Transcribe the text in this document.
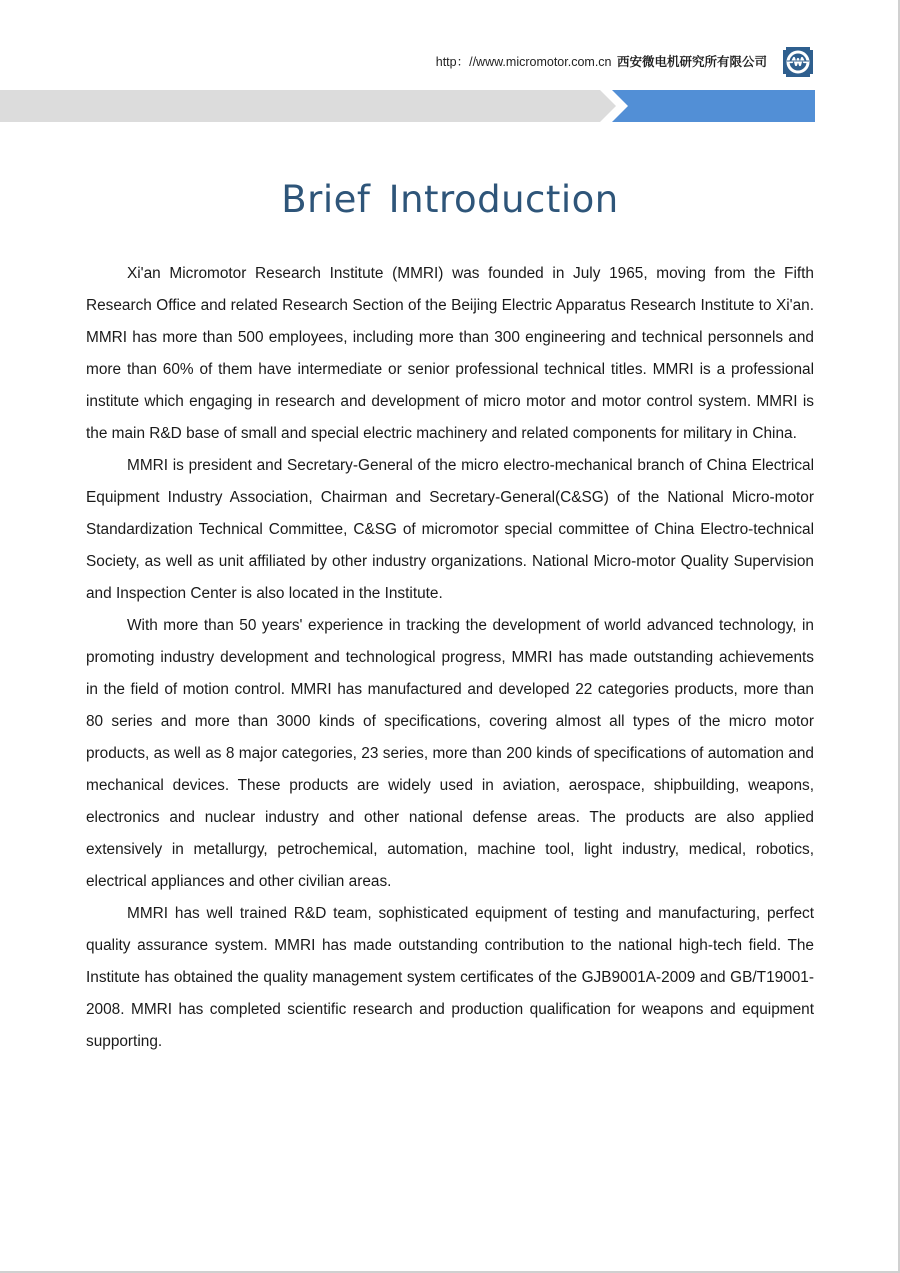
http：//www.micromotor.com.cn 西安微电机研究所有限公司
Brief Introduction

Xi'an Micromotor Research Institute (MMRI) was founded in July 1965, moving from the Fifth Research Office and related Research Section of the Beijing Electric Apparatus Research Institute to Xi'an. MMRI has more than 500 employees, including more than 300 engineering and technical personnels and more than 60% of them have intermediate or senior professional technical titles. MMRI is a professional institute which engaging in research and development of micro motor and motor control system. MMRI is the main R&D base of small and special electric machinery and related components for military in China.

MMRI is president and Secretary-General of the micro electro-mechanical branch of China Electrical Equipment Industry Association, Chairman and Secretary-General(C&SG) of the National Micro-motor Standardization Technical Committee, C&SG of micromotor special committee of China Electro-technical Society, as well as unit affiliated by other industry organizations. National Micro-motor Quality Supervision and Inspection Center is also located in the Institute.

With more than 50 years' experience in tracking the development of world advanced technology, in promoting industry development and technological progress, MMRI has made outstanding achievements in the field of motion control. MMRI has manufactured and developed 22 categories products, more than 80 series and more than 3000 kinds of specifications, covering almost all types of the micro motor products, as well as 8 major categories, 23 series, more than 200 kinds of specifications of automation and mechanical devices. These products are widely used in aviation, aerospace, shipbuilding, weapons, electronics and nuclear industry and other national defense areas. The products are also applied extensively in metallurgy, petrochemical, automation, machine tool, light industry, medical, robotics, electrical appliances and other civilian areas.

MMRI has well trained R&D team, sophisticated equipment of testing and manufacturing, perfect quality assurance system. MMRI has made outstanding contribution to the national high-tech field. The Institute has obtained the quality management system certificates of the GJB9001A-2009 and GB/T19001-2008. MMRI has completed scientific research and production qualification for weapons and equipment supporting.
